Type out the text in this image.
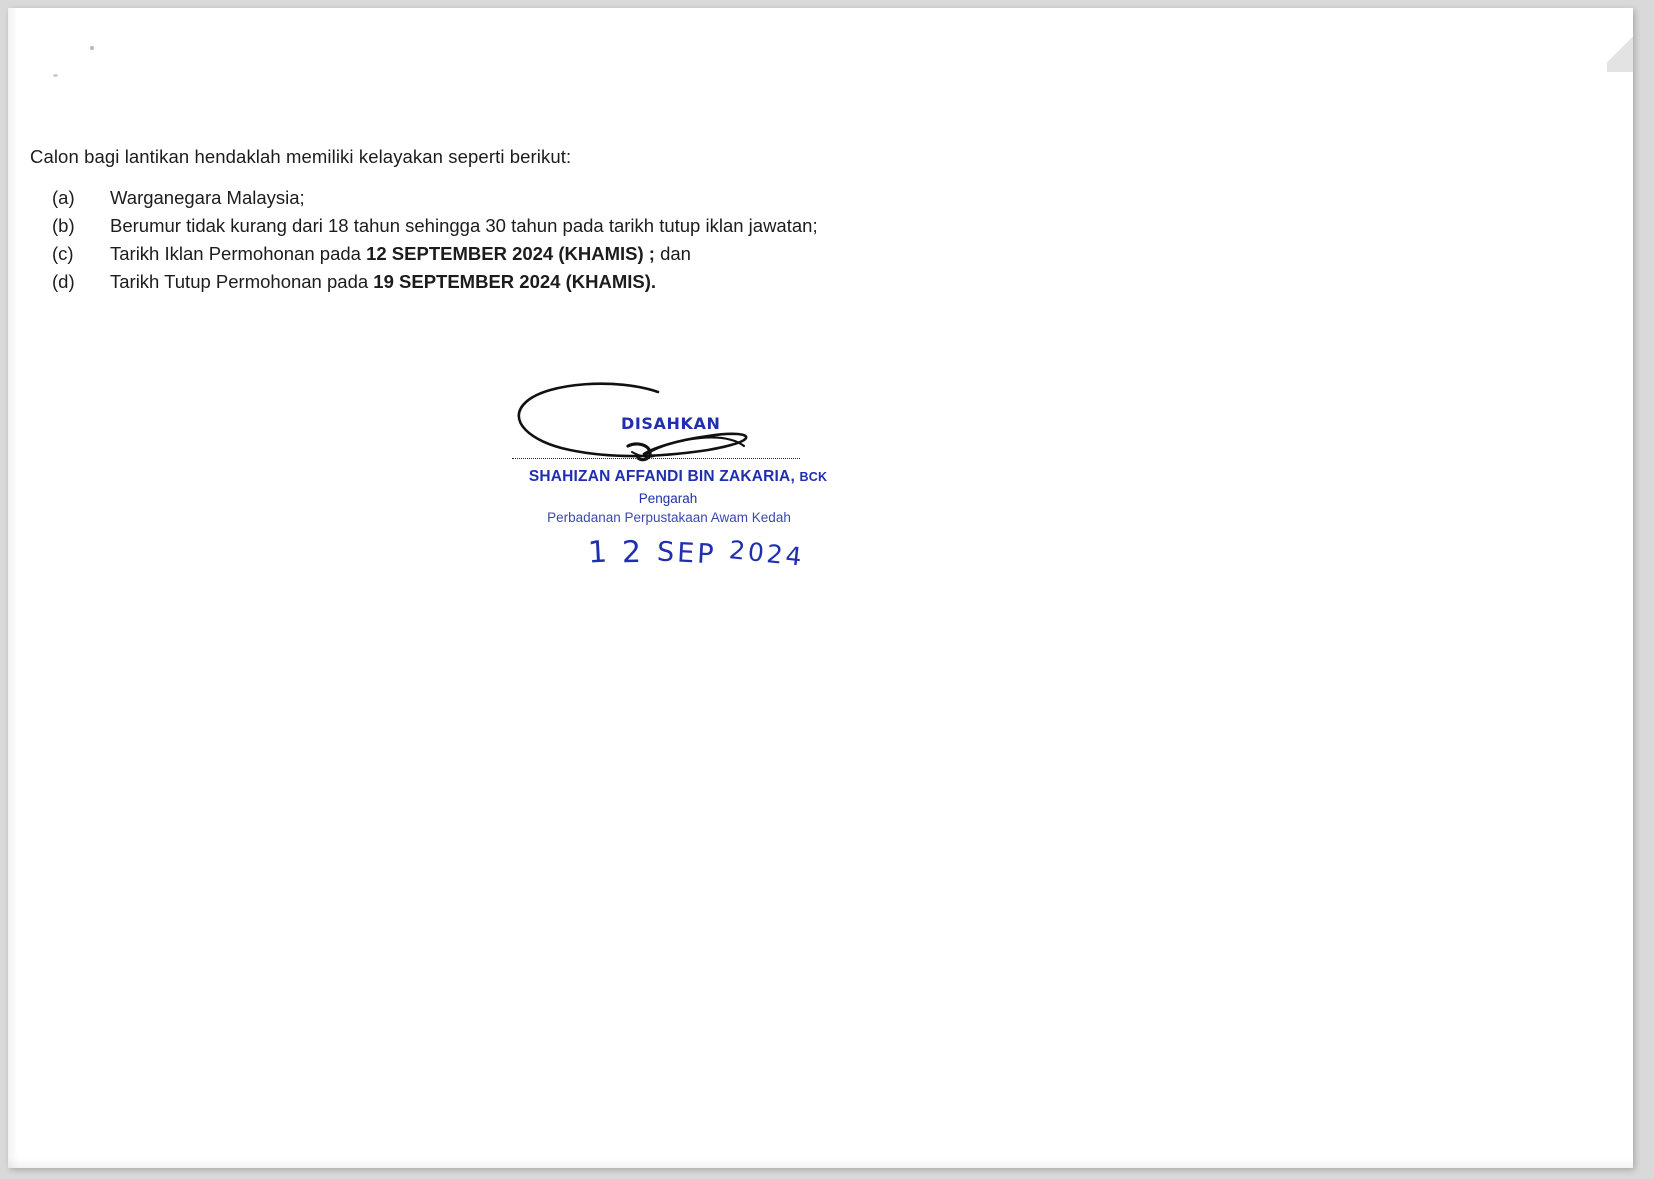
Calon bagi lantikan hendaklah memiliki kelayakan seperti berikut:
(a)	Warganegara Malaysia;
(b)	Berumur tidak kurang dari 18 tahun sehingga 30 tahun pada tarikh tutup iklan jawatan;
(c)	Tarikh Iklan Permohonan pada 12 SEPTEMBER 2024 (KHAMIS) ; dan
(d)	Tarikh Tutup Permohonan pada 19 SEPTEMBER 2024 (KHAMIS).
DISAHKAN
SHAHIZAN AFFANDI BIN ZAKARIA, BCK
Pengarah
Perbadanan Perpustakaan Awam Kedah
1 2 SEP 2024
